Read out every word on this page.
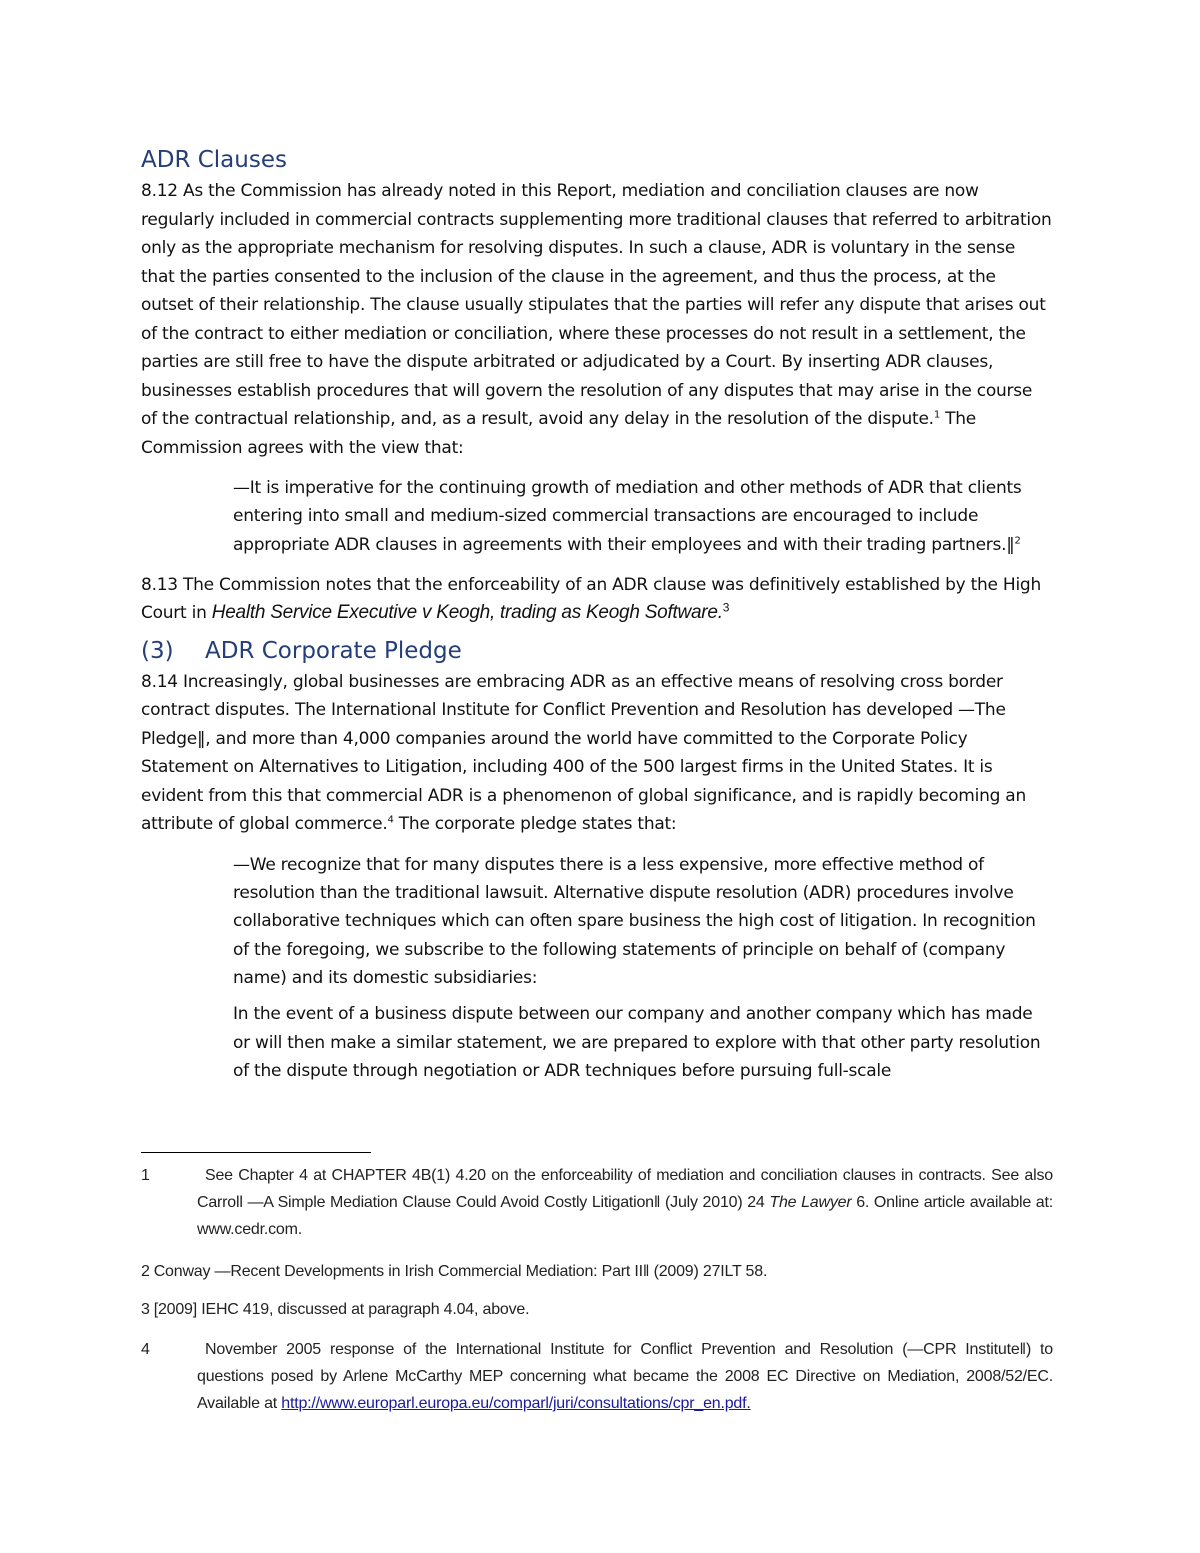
ADR Clauses

8.12 As the Commission has already noted in this Report, mediation and conciliation clauses are now regularly included in commercial contracts supplementing more traditional clauses that referred to arbitration only as the appropriate mechanism for resolving disputes. In such a clause, ADR is voluntary in the sense that the parties consented to the inclusion of the clause in the agreement, and thus the process, at the outset of their relationship. The clause usually stipulates that the parties will refer any dispute that arises out of the contract to either mediation or conciliation, where these processes do not result in a settlement, the parties are still free to have the dispute arbitrated or adjudicated by a Court. By inserting ADR clauses, businesses establish procedures that will govern the resolution of any disputes that may arise in the course of the contractual relationship, and, as a result, avoid any delay in the resolution of the dispute.$^1$ The Commission agrees with the view that:

—It is imperative for the continuing growth of mediation and other methods of ADR that clients entering into small and medium-sized commercial transactions are encouraged to include appropriate ADR clauses in agreements with their employees and with their trading partners.‖$^2$

8.13 The Commission notes that the enforceability of an ADR clause was definitively established by the High Court in Health Service Executive v Keogh, trading as Keogh Software.$^3$

(3) ADR Corporate Pledge

8.14 Increasingly, global businesses are embracing ADR as an effective means of resolving cross border contract disputes. The International Institute for Conflict Prevention and Resolution has developed —The Pledge‖, and more than 4,000 companies around the world have committed to the Corporate Policy Statement on Alternatives to Litigation, including 400 of the 500 largest firms in the United States. It is evident from this that commercial ADR is a phenomenon of global significance, and is rapidly becoming an attribute of global commerce.$^4$ The corporate pledge states that:

—We recognize that for many disputes there is a less expensive, more effective method of resolution than the traditional lawsuit. Alternative dispute resolution (ADR) procedures involve collaborative techniques which can often spare business the high cost of litigation. In recognition of the foregoing, we subscribe to the following statements of principle on behalf of (company name) and its domestic subsidiaries:

In the event of a business dispute between our company and another company which has made or will then make a similar statement, we are prepared to explore with that other party resolution of the dispute through negotiation or ADR techniques before pursuing full-scale

1	See Chapter 4 at CHAPTER 4B(1) 4.20 on the enforceability of mediation and conciliation clauses in contracts. See also Carroll —A Simple Mediation Clause Could Avoid Costly Litigation‖ (July 2010) 24 The Lawyer 6. Online article available at: www.cedr.com.
2 Conway —Recent Developments in Irish Commercial Mediation: Part II‖ (2009) 27ILT 58.
3 [2009] IEHC 419, discussed at paragraph 4.04, above.
4	November 2005 response of the International Institute for Conflict Prevention and Resolution (—CPR Institute‖) to questions posed by Arlene McCarthy MEP concerning what became the 2008 EC Directive on Mediation, 2008/52/EC. Available at http://www.europarl.europa.eu/comparl/juri/consultations/cpr_en.pdf.
